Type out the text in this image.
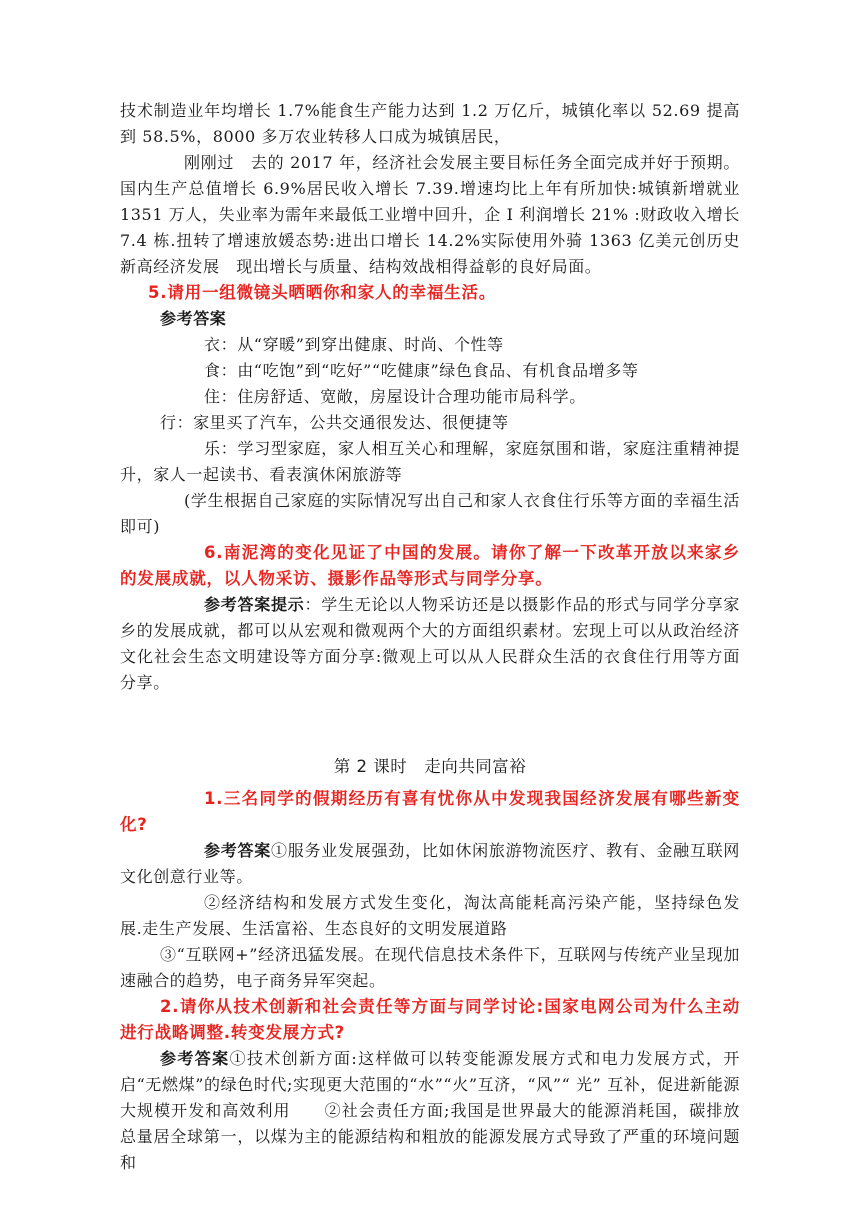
技术制造业年均增长 1.7%能食生产能力达到 1.2 万亿斤，城镇化率以 52.69 提高到 58.5%，8000 多万农业转移人口成为城镇居民，

刚刚过　去的 2017 年，经济社会发展主要目标任务全面完成并好于预期。国内生产总值增长 6.9%居民收入增长 7.39.增速均比上年有所加快:城镇新增就业 1351 万人，失业率为需年来最低工业增中回升，企 I 利润增长 21% :财政收入增长 7.4 栋.扭转了增速放媛态势:进出口增长 14.2%实际使用外骑 1363 亿美元创历史新高经济发展　现出增长与质量、结构效战相得益彰的良好局面。

5.请用一组微镜头晒晒你和家人的幸福生活。

参考答案

衣：从“穿暖”到穿出健康、时尚、个性等

食：由“吃饱”到“吃好”“吃健康”绿色食品、有机食品增多等

住：住房舒适、宽敞，房屋设计合理功能市局科学。

行：家里买了汽车，公共交通很发达、很便捷等

乐：学习型家庭，家人相互关心和理解，家庭氛围和谐，家庭注重精神提升，家人一起读书、看表演休闲旅游等

(学生根据自己家庭的实际情况写出自己和家人衣食住行乐等方面的幸福生活即可)

6.南泥湾的变化见证了中国的发展。请你了解一下改革开放以来家乡的发展成就，以人物采访、摄影作品等形式与同学分享。

参考答案提示：学生无论以人物采访还是以摄影作品的形式与同学分享家乡的发展成就，都可以从宏观和微观两个大的方面组织素材。宏现上可以从政治经济文化社会生态文明建设等方面分享:微观上可以从人民群众生活的衣食住行用等方面分享。

第 2 课时　走向共同富裕

1.三名同学的假期经历有喜有忧你从中发现我国经济发展有哪些新变化?

参考答案①服务业发展强劲，比如休闲旅游物流医疗、教有、金融互联网文化创意行业等。

②经济结构和发展方式发生变化，淘汰高能耗高污染产能，坚持绿色发展.走生产发展、生活富裕、生态良好的文明发展道路

③“互联网+”经济迅猛发展。在现代信息技术条件下，互联网与传统产业呈现加速融合的趋势，电子商务异军突起。

2.请你从技术创新和社会责任等方面与同学讨论:国家电网公司为什么主动进行战略调整.转变发展方式?

参考答案①技术创新方面:这样做可以转变能源发展方式和电力发展方式，开启“无燃煤”的绿色时代;实现更大范围的“水”“火”互济，“风”“ 光” 互补，促进新能源大规模开发和高效利用　　②社会责任方面;我国是世界最大的能源消耗国，碳排放总量居全球第一，以煤为主的能源结构和粗放的能源发展方式导致了严重的环境问题和
